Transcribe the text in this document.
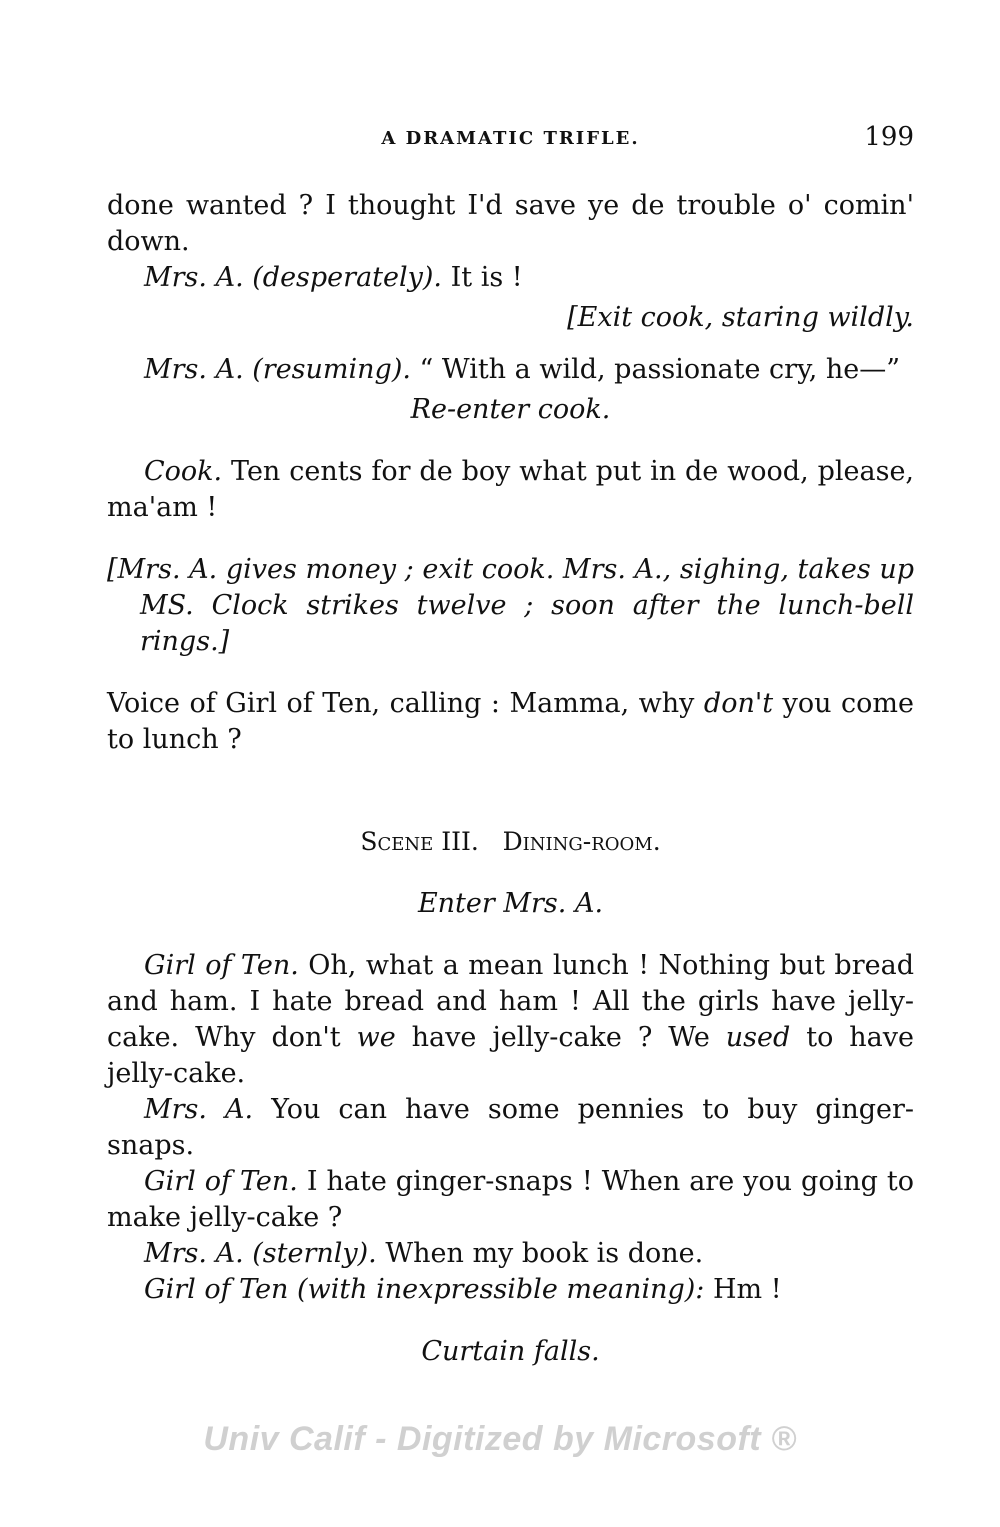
A DRAMATIC TRIFLE.	199

done wanted ? I thought I'd save ye de trouble o' comin' down.

Mrs. A. (desperately). It is !

[Exit cook, staring wildly.

Mrs. A. (resuming). “ With a wild, passionate cry, he—”

Re-enter cook.

Cook. Ten cents for de boy what put in de wood, please, ma'am !

[Mrs. A. gives money ; exit cook. Mrs. A., sighing, takes up MS. Clock strikes twelve ; soon after the lunch-bell rings.]

Voice of Girl of Ten, calling : Mamma, why don't you come to lunch ?

Scene III. Dining-room.

Enter Mrs. A.

Girl of Ten. Oh, what a mean lunch ! Nothing but bread and ham. I hate bread and ham ! All the girls have jelly-cake. Why don't we have jelly-cake ? We used to have jelly-cake.

Mrs. A. You can have some pennies to buy ginger-snaps.

Girl of Ten. I hate ginger-snaps ! When are you going to make jelly-cake ?

Mrs. A. (sternly). When my book is done.

Girl of Ten (with inexpressible meaning): Hm !

Curtain falls.

Univ Calif - Digitized by Microsoft ®
